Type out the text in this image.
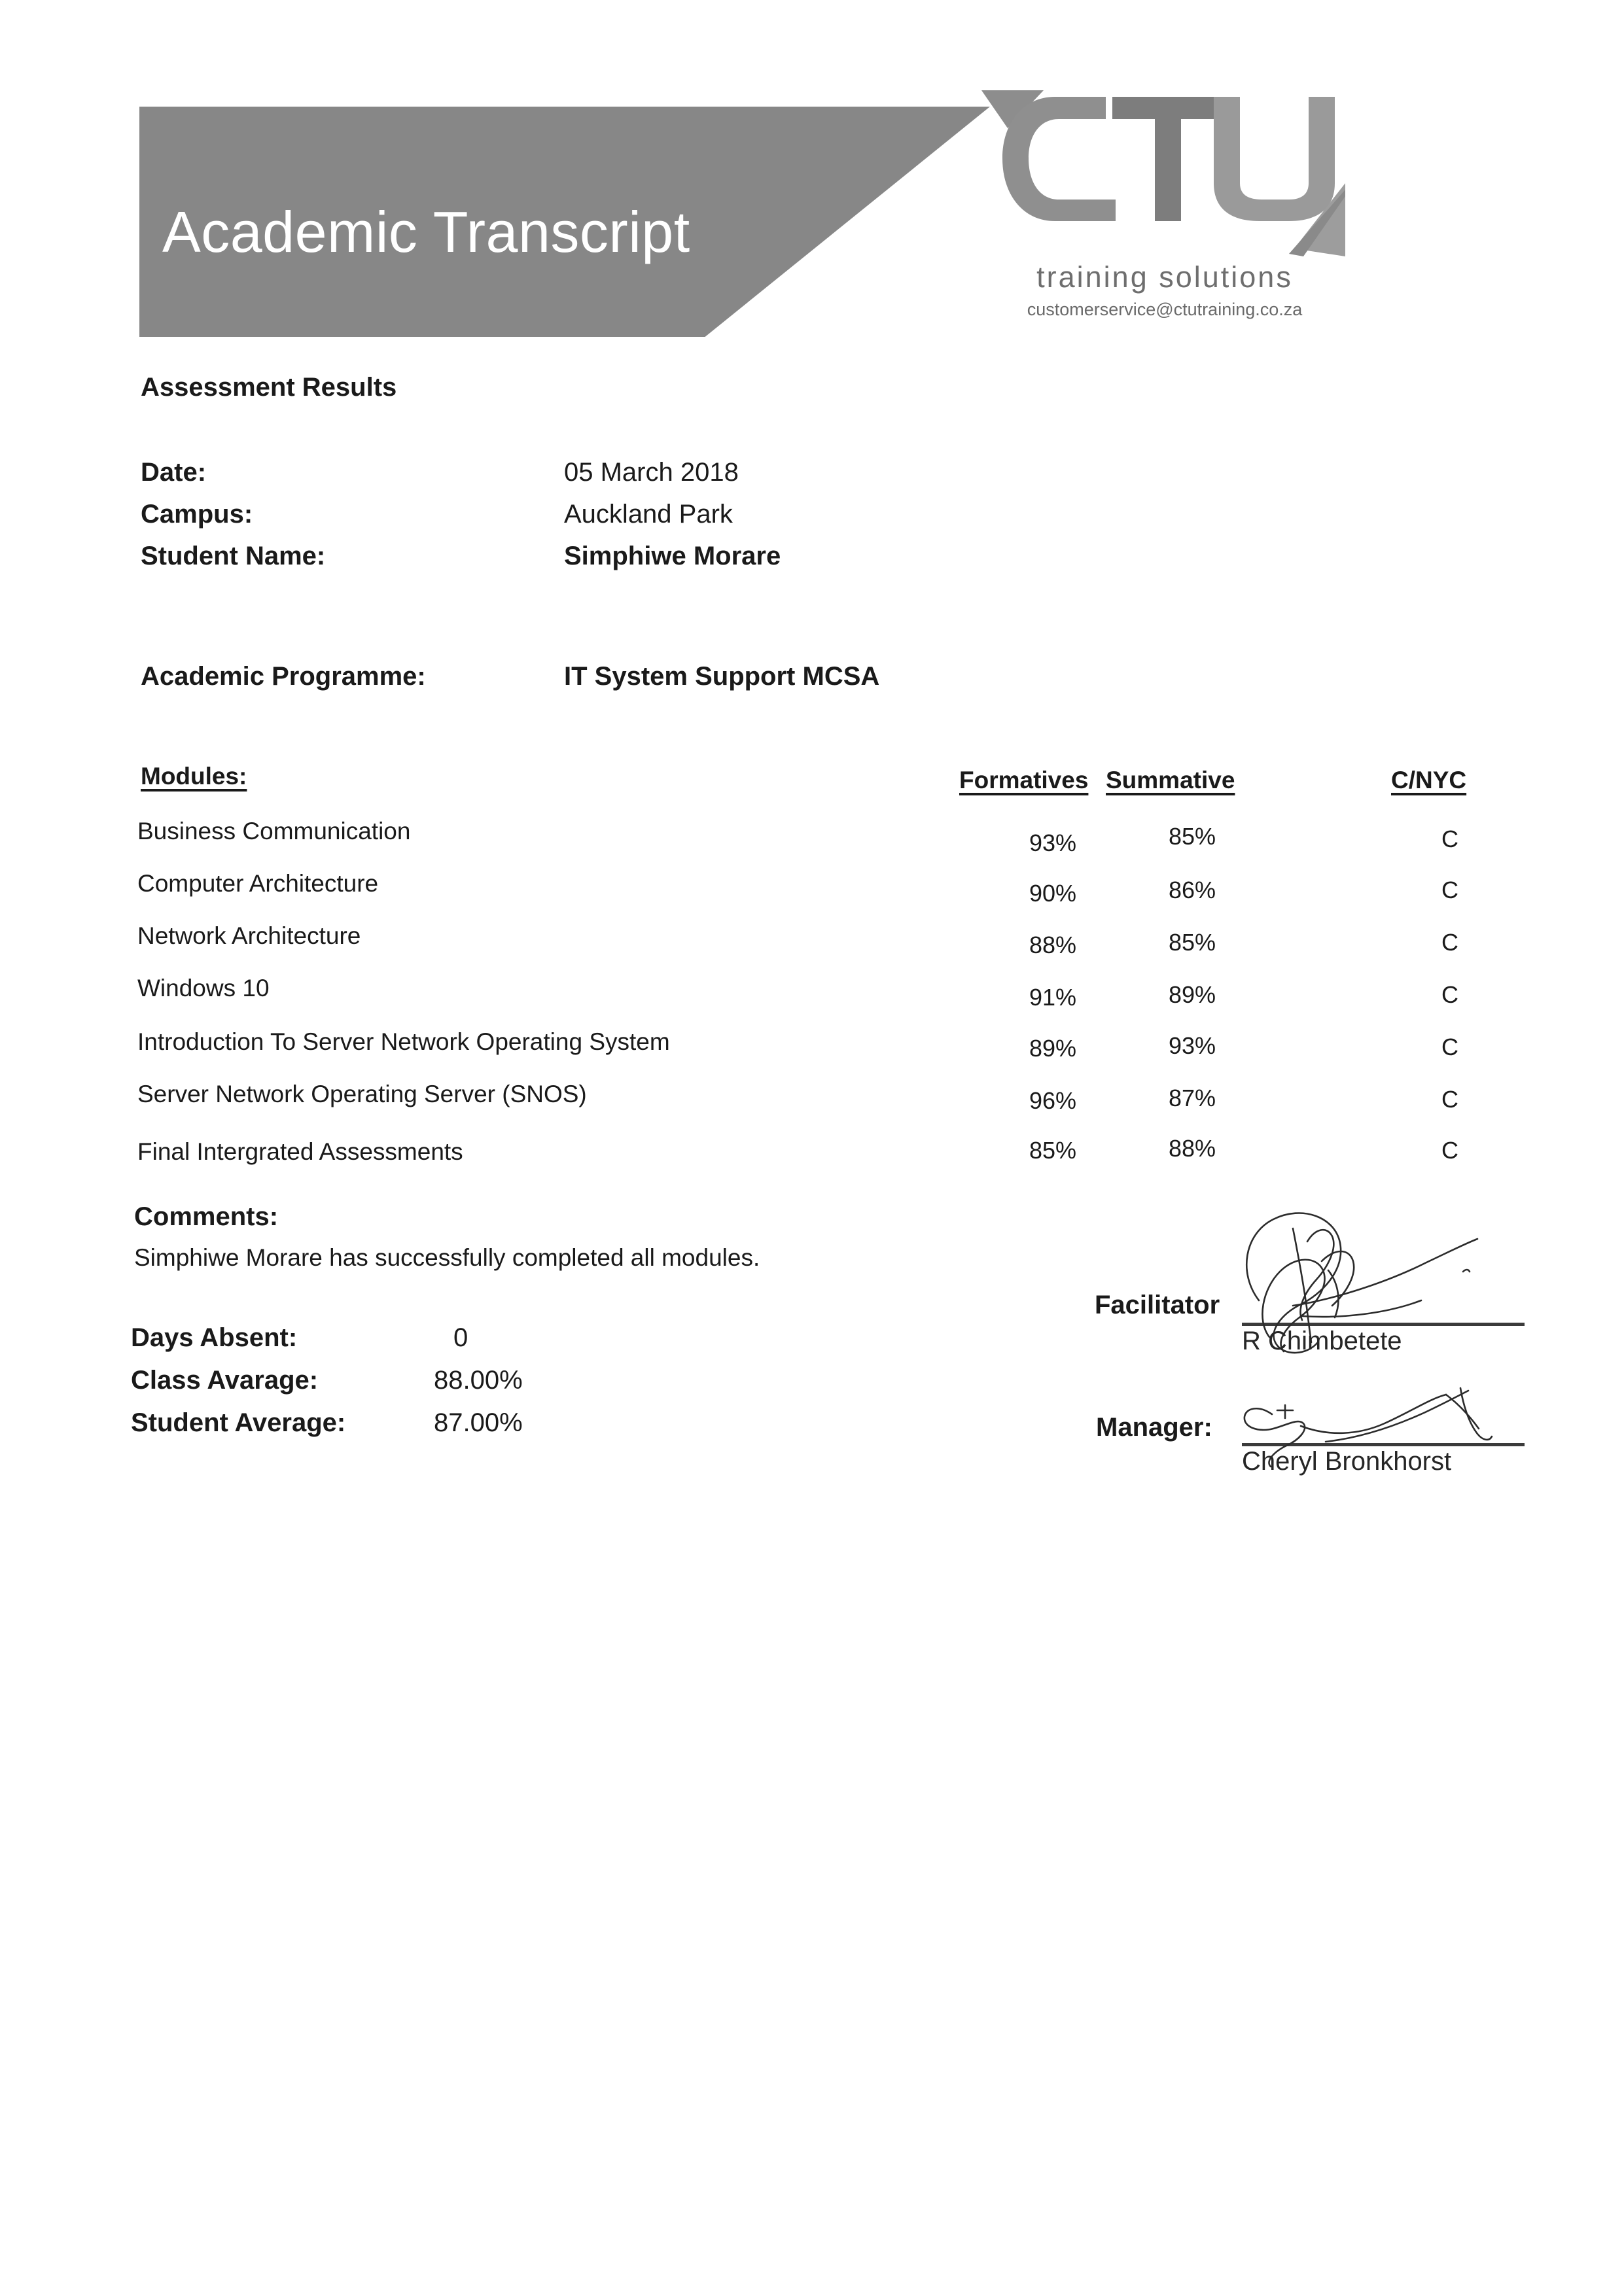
Academic Transcript
training solutions
customerservice@ctutraining.co.za
Assessment Results
Date:	05 March 2018
Campus:	Auckland Park
Student Name:	Simphiwe Morare
Academic Programme:	IT System Support MCSA
Modules:	Formatives Summative	C/NYC
Business Communication	93%	85%	C
Computer Architecture	90%	86%	C
Network Architecture	88%	85%	C
Windows 10	91%	89%	C
Introduction To Server Network Operating System	89%	93%	C
Server Network Operating Server (SNOS)	96%	87%	C
Final Intergrated Assessments	85%	88%	C
Comments:
Simphiwe Morare has successfully completed all modules.
Days Absent:	0
Class Avarage:	88.00%
Student Average:	87.00%
Facilitator
R Chimbetete
Manager:
Cheryl Bronkhorst
